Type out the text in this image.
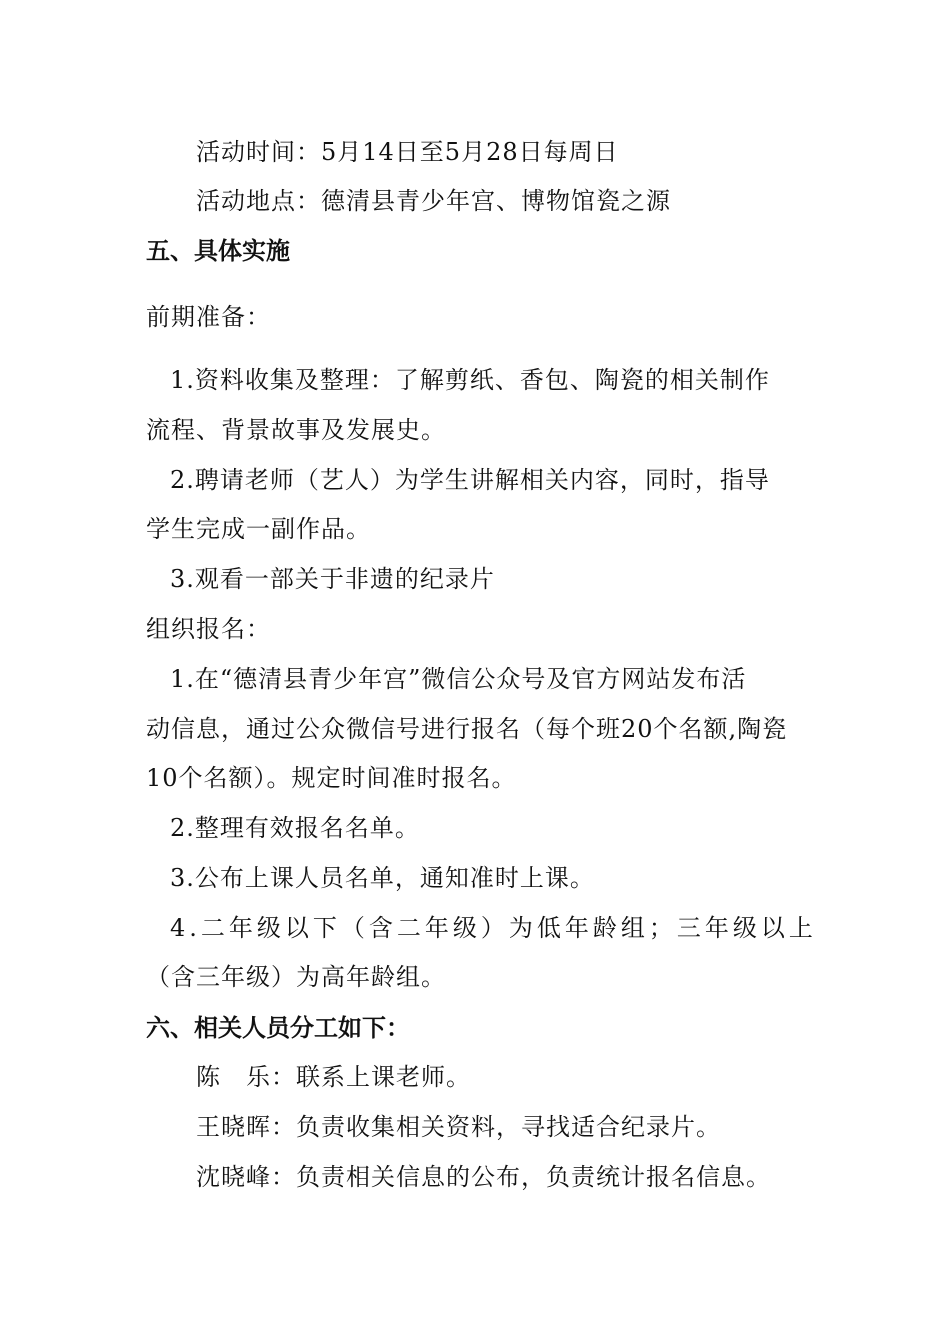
活动时间：5月14日至5月28日每周日
活动地点：德清县青少年宫、博物馆瓷之源
五、具体实施
前期准备：
1.资料收集及整理：了解剪纸、香包、陶瓷的相关制作
流程、背景故事及发展史。
2.聘请老师（艺人）为学生讲解相关内容，同时，指导
学生完成一副作品。
3.观看一部关于非遗的纪录片
组织报名：
1.在“德清县青少年宫”微信公众号及官方网站发布活
动信息，通过公众微信号进行报名（每个班20个名额,陶瓷
10个名额）。规定时间准时报名。
2.整理有效报名名单。
3.公布上课人员名单，通知准时上课。
4.二年级以下（含二年级）为低年龄组；三年级以上
（含三年级）为高年龄组。
六、相关人员分工如下：
陈　乐：联系上课老师。
王晓晖：负责收集相关资料，寻找适合纪录片。
沈晓峰：负责相关信息的公布，负责统计报名信息。
